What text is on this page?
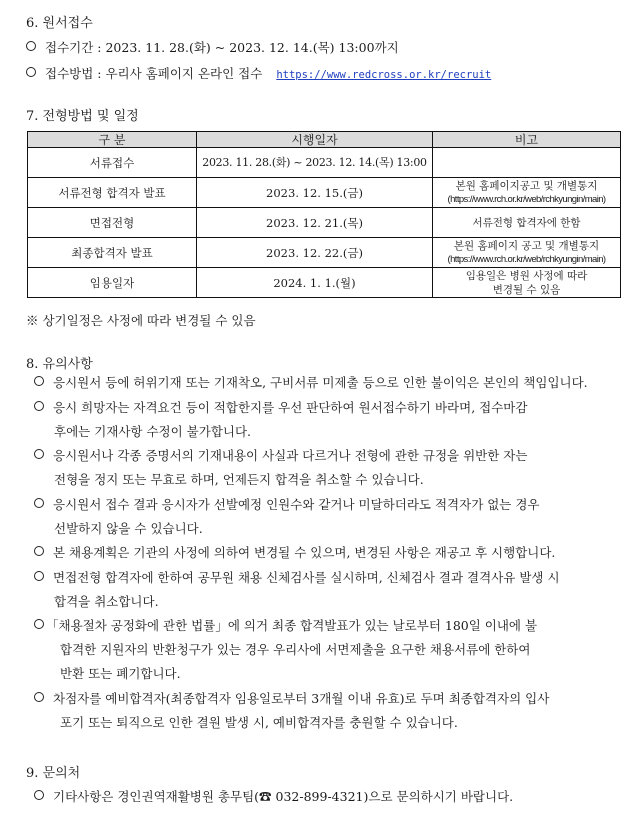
6. 원서접수
접수기간 : 2023. 11. 28.(화) ~ 2023. 12. 14.(목) 13:00까지
접수방법 : 우리사 홈페이지 온라인 접수 https://www.redcross.or.kr/recruit
7. 전형방법 및 일정
구 분	시행일자	비고
서류접수	2023. 11. 28.(화) ~ 2023. 12. 14.(목) 13:00	

서류전형 합격자 발표	2023. 12. 15.(금)	본원 홈페이지공고 및 개별통지
(https://www.rch.or.kr/web/rchkyungin/main)

면접전형	2023. 12. 21.(목)	서류전형 합격자에 한함

최종합격자 발표	2023. 12. 22.(금)	본원 홈페이지 공고 및 개별통지
(https://www.rch.or.kr/web/rchkyungin/main)

임용일자	2024. 1. 1.(월)	임용일은 병원 사정에 따라
변경될 수 있음
※ 상기일정은 사정에 따라 변경될 수 있음
8. 유의사항
응시원서 등에 허위기재 또는 기재착오, 구비서류 미제출 등으로 인한 불이익은 본인의 책임입니다.
응시 희망자는 자격요건 등이 적합한지를 우선 판단하여 원서접수하기 바라며, 접수마감
후에는 기재사항 수정이 불가합니다.
응시원서나 각종 증명서의 기재내용이 사실과 다르거나 전형에 관한 규정을 위반한 자는
전형을 정지 또는 무효로 하며, 언제든지 합격을 취소할 수 있습니다.
응시원서 접수 결과 응시자가 선발예정 인원수와 같거나 미달하더라도 적격자가 없는 경우
선발하지 않을 수 있습니다.
본 채용계획은 기관의 사정에 의하여 변경될 수 있으며, 변경된 사항은 재공고 후 시행합니다.
면접전형 합격자에 한하여 공무원 채용 신체검사를 실시하며, 신체검사 결과 결격사유 발생 시
합격을 취소합니다.
「채용절차 공정화에 관한 법률」에 의거 최종 합격발표가 있는 날로부터 180일 이내에 불
합격한 지원자의 반환청구가 있는 경우 우리사에 서면제출을 요구한 채용서류에 한하여
반환 또는 폐기합니다.
차점자를 예비합격자(최종합격자 임용일로부터 3개월 이내 유효)로 두며 최종합격자의 입사
포기 또는 퇴직으로 인한 결원 발생 시, 예비합격자를 충원할 수 있습니다.
9. 문의처
기타사항은 경인권역재활병원 총무팀(☎ 032-899-4321)으로 문의하시기 바랍니다.
